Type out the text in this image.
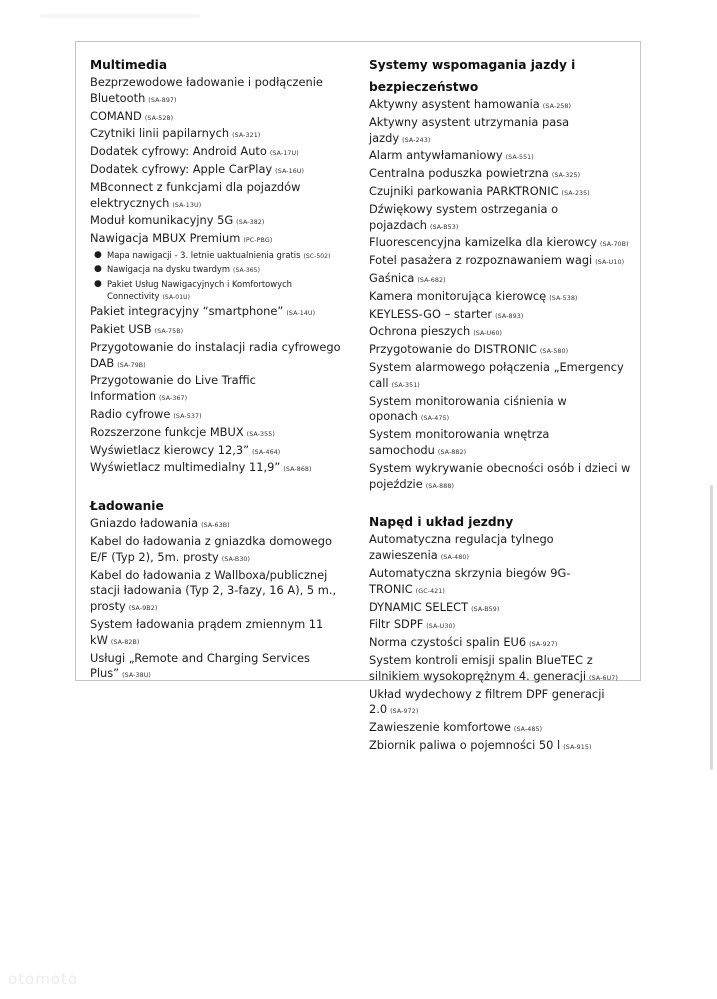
Multimedia
Bezprzewodowe ładowanie i podłączenie Bluetooth (SA-897)
COMAND (SA-528)
Czytniki linii papilarnych (SA-321)
Dodatek cyfrowy: Android Auto (SA-17U)
Dodatek cyfrowy: Apple CarPlay (SA-16U)
MBconnect z funkcjami dla pojazdów elektrycznych (SA-13U)
Moduł komunikacyjny 5G (SA-382)
Nawigacja MBUX Premium (PC-PBG)
● Mapa nawigacji - 3. letnie uaktualnienia gratis (SC-502)
● Nawigacja na dysku twardym (SA-365)
● Pakiet Usług Nawigacyjnych i Komfortowych Connectivity (SA-01U)
Pakiet integracyjny “smartphone” (SA-14U)
Pakiet USB (SA-75B)
Przygotowanie do instalacji radia cyfrowego DAB (SA-79B)
Przygotowanie do Live Traffic Information (SA-367)
Radio cyfrowe (SA-537)
Rozszerzone funkcje MBUX (SA-355)
Wyświetlacz kierowcy 12,3” (SA-464)
Wyświetlacz multimedialny 11,9” (SA-868)
Ładowanie
Gniazdo ładowania (SA-63B)
Kabel do ładowania z gniazdka domowego E/F (Typ 2), 5m. prosty (SA-B30)
Kabel do ładowania z Wallboxa/publicznej stacji ładowania (Typ 2, 3-fazy, 16 A), 5 m., prosty (SA-9B2)
System ładowania prądem zmiennym 11 kW (SA-82B)
Usługi „Remote and Charging Services Plus” (SA-38U)
Systemy wspomagania jazdy i bezpieczeństwo
Aktywny asystent hamowania (SA-258)
Aktywny asystent utrzymania pasa jazdy (SA-243)
Alarm antywłamaniowy (SA-551)
Centralna poduszka powietrzna (SA-325)
Czujniki parkowania PARKTRONIC (SA-235)
Dźwiękowy system ostrzegania o pojazdach (SA-B53)
Fluorescencyjna kamizelka dla kierowcy (SA-70B)
Fotel pasażera z rozpoznawaniem wagi (SA-U10)
Gaśnica (SA-682)
Kamera monitorująca kierowcę (SA-538)
KEYLESS-GO – starter (SA-893)
Ochrona pieszych (SA-U60)
Przygotowanie do DISTRONIC (SA-580)
System alarmowego połączenia „Emergency call (SA-351)
System monitorowania ciśnienia w oponach (SA-475)
System monitorowania wnętrza samochodu (SA-882)
System wykrywanie obecności osób i dzieci w pojeździe (SA-888)
Napęd i układ jezdny
Automatyczna regulacja tylnego zawieszenia (SA-480)
Automatyczna skrzynia biegów 9G-TRONIC (GC-421)
DYNAMIC SELECT (SA-B59)
Filtr SDPF (SA-U30)
Norma czystości spalin EU6 (SA-927)
System kontroli emisji spalin BlueTEC z silnikiem wysokoprężnym 4. generacji (SA-6U7)
Układ wydechowy z filtrem DPF generacji 2.0 (SA-972)
Zawieszenie komfortowe (SA-485)
Zbiornik paliwa o pojemności 50 l (SA-915)
otomoto
